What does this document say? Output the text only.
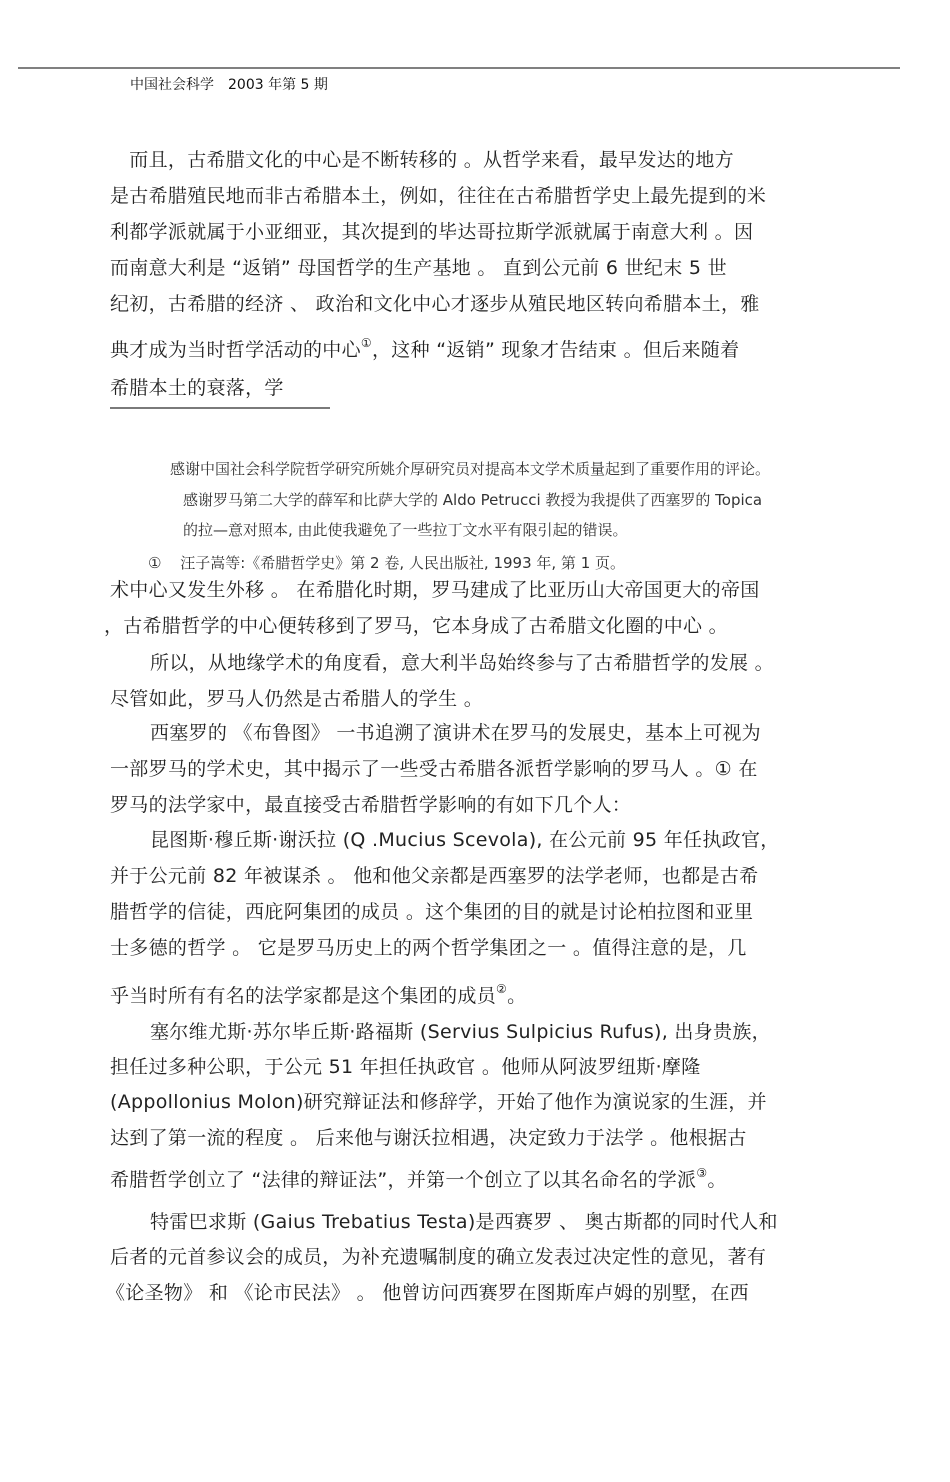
中国社会科学　2003 年第 5 期
　而且，古希腊文化的中心是不断转移的 。从哲学来看，最早发达的地方
是古希腊殖民地而非古希腊本土，例如，往往在古希腊哲学史上最先提到的米
利都学派就属于小亚细亚，其次提到的毕达哥拉斯学派就属于南意大利 。因
而南意大利是 “返销” 母国哲学的生产基地 。 直到公元前 6 世纪末 5 世
纪初，古希腊的经济 、 政治和文化中心才逐步从殖民地区转向希腊本土，雅
典才成为当时哲学活动的中心①，这种 “返销” 现象才告结束 。但后来随着
希腊本土的衰落，学
感谢中国社会科学院哲学研究所姚介厚研究员对提高本文学术质量起到了重要作用的评论。
感谢罗马第二大学的薛军和比萨大学的 Aldo Petrucci 教授为我提供了西塞罗的 Topica
的拉—意对照本, 由此使我避免了一些拉丁文水平有限引起的错误。
① 汪子嵩等:《希腊哲学史》第 2 卷, 人民出版社, 1993 年, 第 1 页。
术中心又发生外移 。 在希腊化时期，罗马建成了比亚历山大帝国更大的帝国
，古希腊哲学的中心便转移到了罗马，它本身成了古希腊文化圈的中心 。
所以，从地缘学术的角度看，意大利半岛始终参与了古希腊哲学的发展 。
尽管如此，罗马人仍然是古希腊人的学生 。
西塞罗的 《布鲁图》 一书追溯了演讲术在罗马的发展史，基本上可视为
一部罗马的学术史，其中揭示了一些受古希腊各派哲学影响的罗马人 。① 在
罗马的法学家中，最直接受古希腊哲学影响的有如下几个人：
昆图斯·穆丘斯·谢沃拉 (Q .Mucius Scevola), 在公元前 95 年任执政官，
并于公元前 82 年被谋杀 。 他和他父亲都是西塞罗的法学老师，也都是古希
腊哲学的信徒，西庇阿集团的成员 。这个集团的目的就是讨论柏拉图和亚里
士多德的哲学 。 它是罗马历史上的两个哲学集团之一 。值得注意的是，几
乎当时所有有名的法学家都是这个集团的成员②。
塞尔维尤斯·苏尔毕丘斯·路福斯 (Servius Sulpicius Rufus), 出身贵族，
担任过多种公职，于公元 51 年担任执政官 。他师从阿波罗纽斯·摩隆
(Appollonius Molon)研究辩证法和修辞学，开始了他作为演说家的生涯，并
达到了第一流的程度 。 后来他与谢沃拉相遇，决定致力于法学 。他根据古
希腊哲学创立了 “法律的辩证法”，并第一个创立了以其名命名的学派③。
特雷巴求斯 (Gaius Trebatius Testa)是西赛罗 、 奥古斯都的同时代人和
后者的元首参议会的成员，为补充遗嘱制度的确立发表过决定性的意见，著有
《论圣物》 和 《论市民法》 。 他曾访问西赛罗在图斯库卢姆的别墅，在西
